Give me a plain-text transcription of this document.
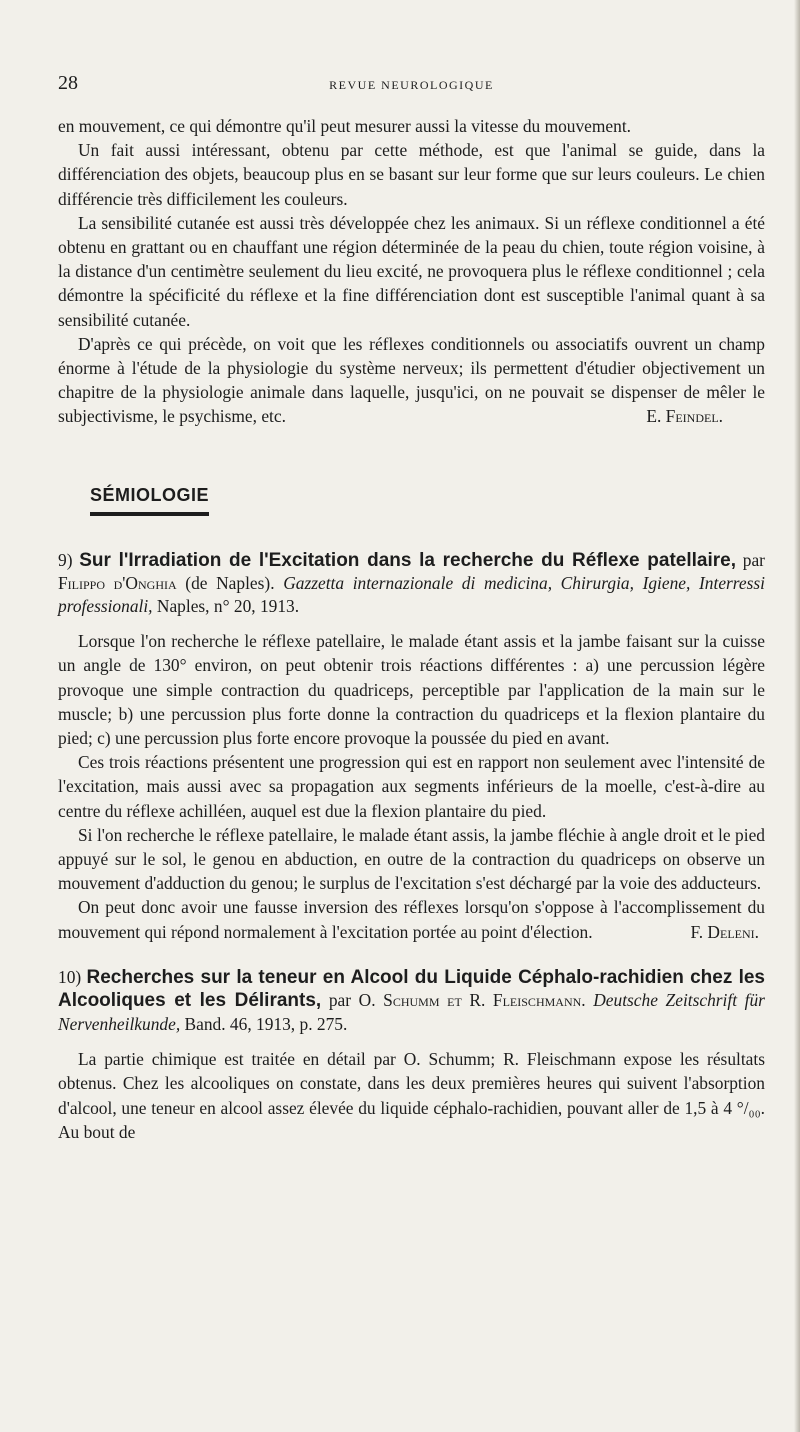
28	REVUE NEUROLOGIQUE

en mouvement, ce qui démontre qu'il peut mesurer aussi la vitesse du mouvement.

Un fait aussi intéressant, obtenu par cette méthode, est que l'animal se guide, dans la différenciation des objets, beaucoup plus en se basant sur leur forme que sur leurs couleurs. Le chien différencie très difficilement les couleurs.

La sensibilité cutanée est aussi très développée chez les animaux. Si un réflexe conditionnel a été obtenu en grattant ou en chauffant une région déterminée de la peau du chien, toute région voisine, à la distance d'un centimètre seulement du lieu excité, ne provoquera plus le réflexe conditionnel ; cela démontre la spécificité du réflexe et la fine différenciation dont est susceptible l'animal quant à sa sensibilité cutanée.

D'après ce qui précède, on voit que les réflexes conditionnels ou associatifs ouvrent un champ énorme à l'étude de la physiologie du système nerveux; ils permettent d'étudier objectivement un chapitre de la physiologie animale dans laquelle, jusqu'ici, on ne pouvait se dispenser de mêler le subjectivisme, le psychisme, etc.	E. Feindel.

SÉMIOLOGIE
9) Sur l'Irradiation de l'Excitation dans la recherche du Réflexe patellaire, par Filippo d'Onghia (de Naples). Gazzetta internazionale di medicina, Chirurgia, Igiene, Interressi professionali, Naples, n° 20, 1913.

Lorsque l'on recherche le réflexe patellaire, le malade étant assis et la jambe faisant sur la cuisse un angle de 130° environ, on peut obtenir trois réactions différentes : a) une percussion légère provoque une simple contraction du quadriceps, perceptible par l'application de la main sur le muscle; b) une percussion plus forte donne la contraction du quadriceps et la flexion plantaire du pied; c) une percussion plus forte encore provoque la poussée du pied en avant.

Ces trois réactions présentent une progression qui est en rapport non seulement avec l'intensité de l'excitation, mais aussi avec sa propagation aux segments inférieurs de la moelle, c'est-à-dire au centre du réflexe achilléen, auquel est due la flexion plantaire du pied.

Si l'on recherche le réflexe patellaire, le malade étant assis, la jambe fléchie à angle droit et le pied appuyé sur le sol, le genou en abduction, en outre de la contraction du quadriceps on observe un mouvement d'adduction du genou; le surplus de l'excitation s'est déchargé par la voie des adducteurs.

On peut donc avoir une fausse inversion des réflexes lorsqu'on s'oppose à l'accomplissement du mouvement qui répond normalement à l'excitation portée au point d'élection.	F. Deleni.

10) Recherches sur la teneur en Alcool du Liquide Céphalo-rachidien chez les Alcooliques et les Délirants, par O. Schumm et R. Fleischmann. Deutsche Zeitschrift für Nervenheilkunde, Band. 46, 1913, p. 275.

La partie chimique est traitée en détail par O. Schumm; R. Fleischmann expose les résultats obtenus. Chez les alcooliques on constate, dans les deux premières heures qui suivent l'absorption d'alcool, une teneur en alcool assez élevée du liquide céphalo-rachidien, pouvant aller de 1,5 à 4 °/₀₀. Au bout de
